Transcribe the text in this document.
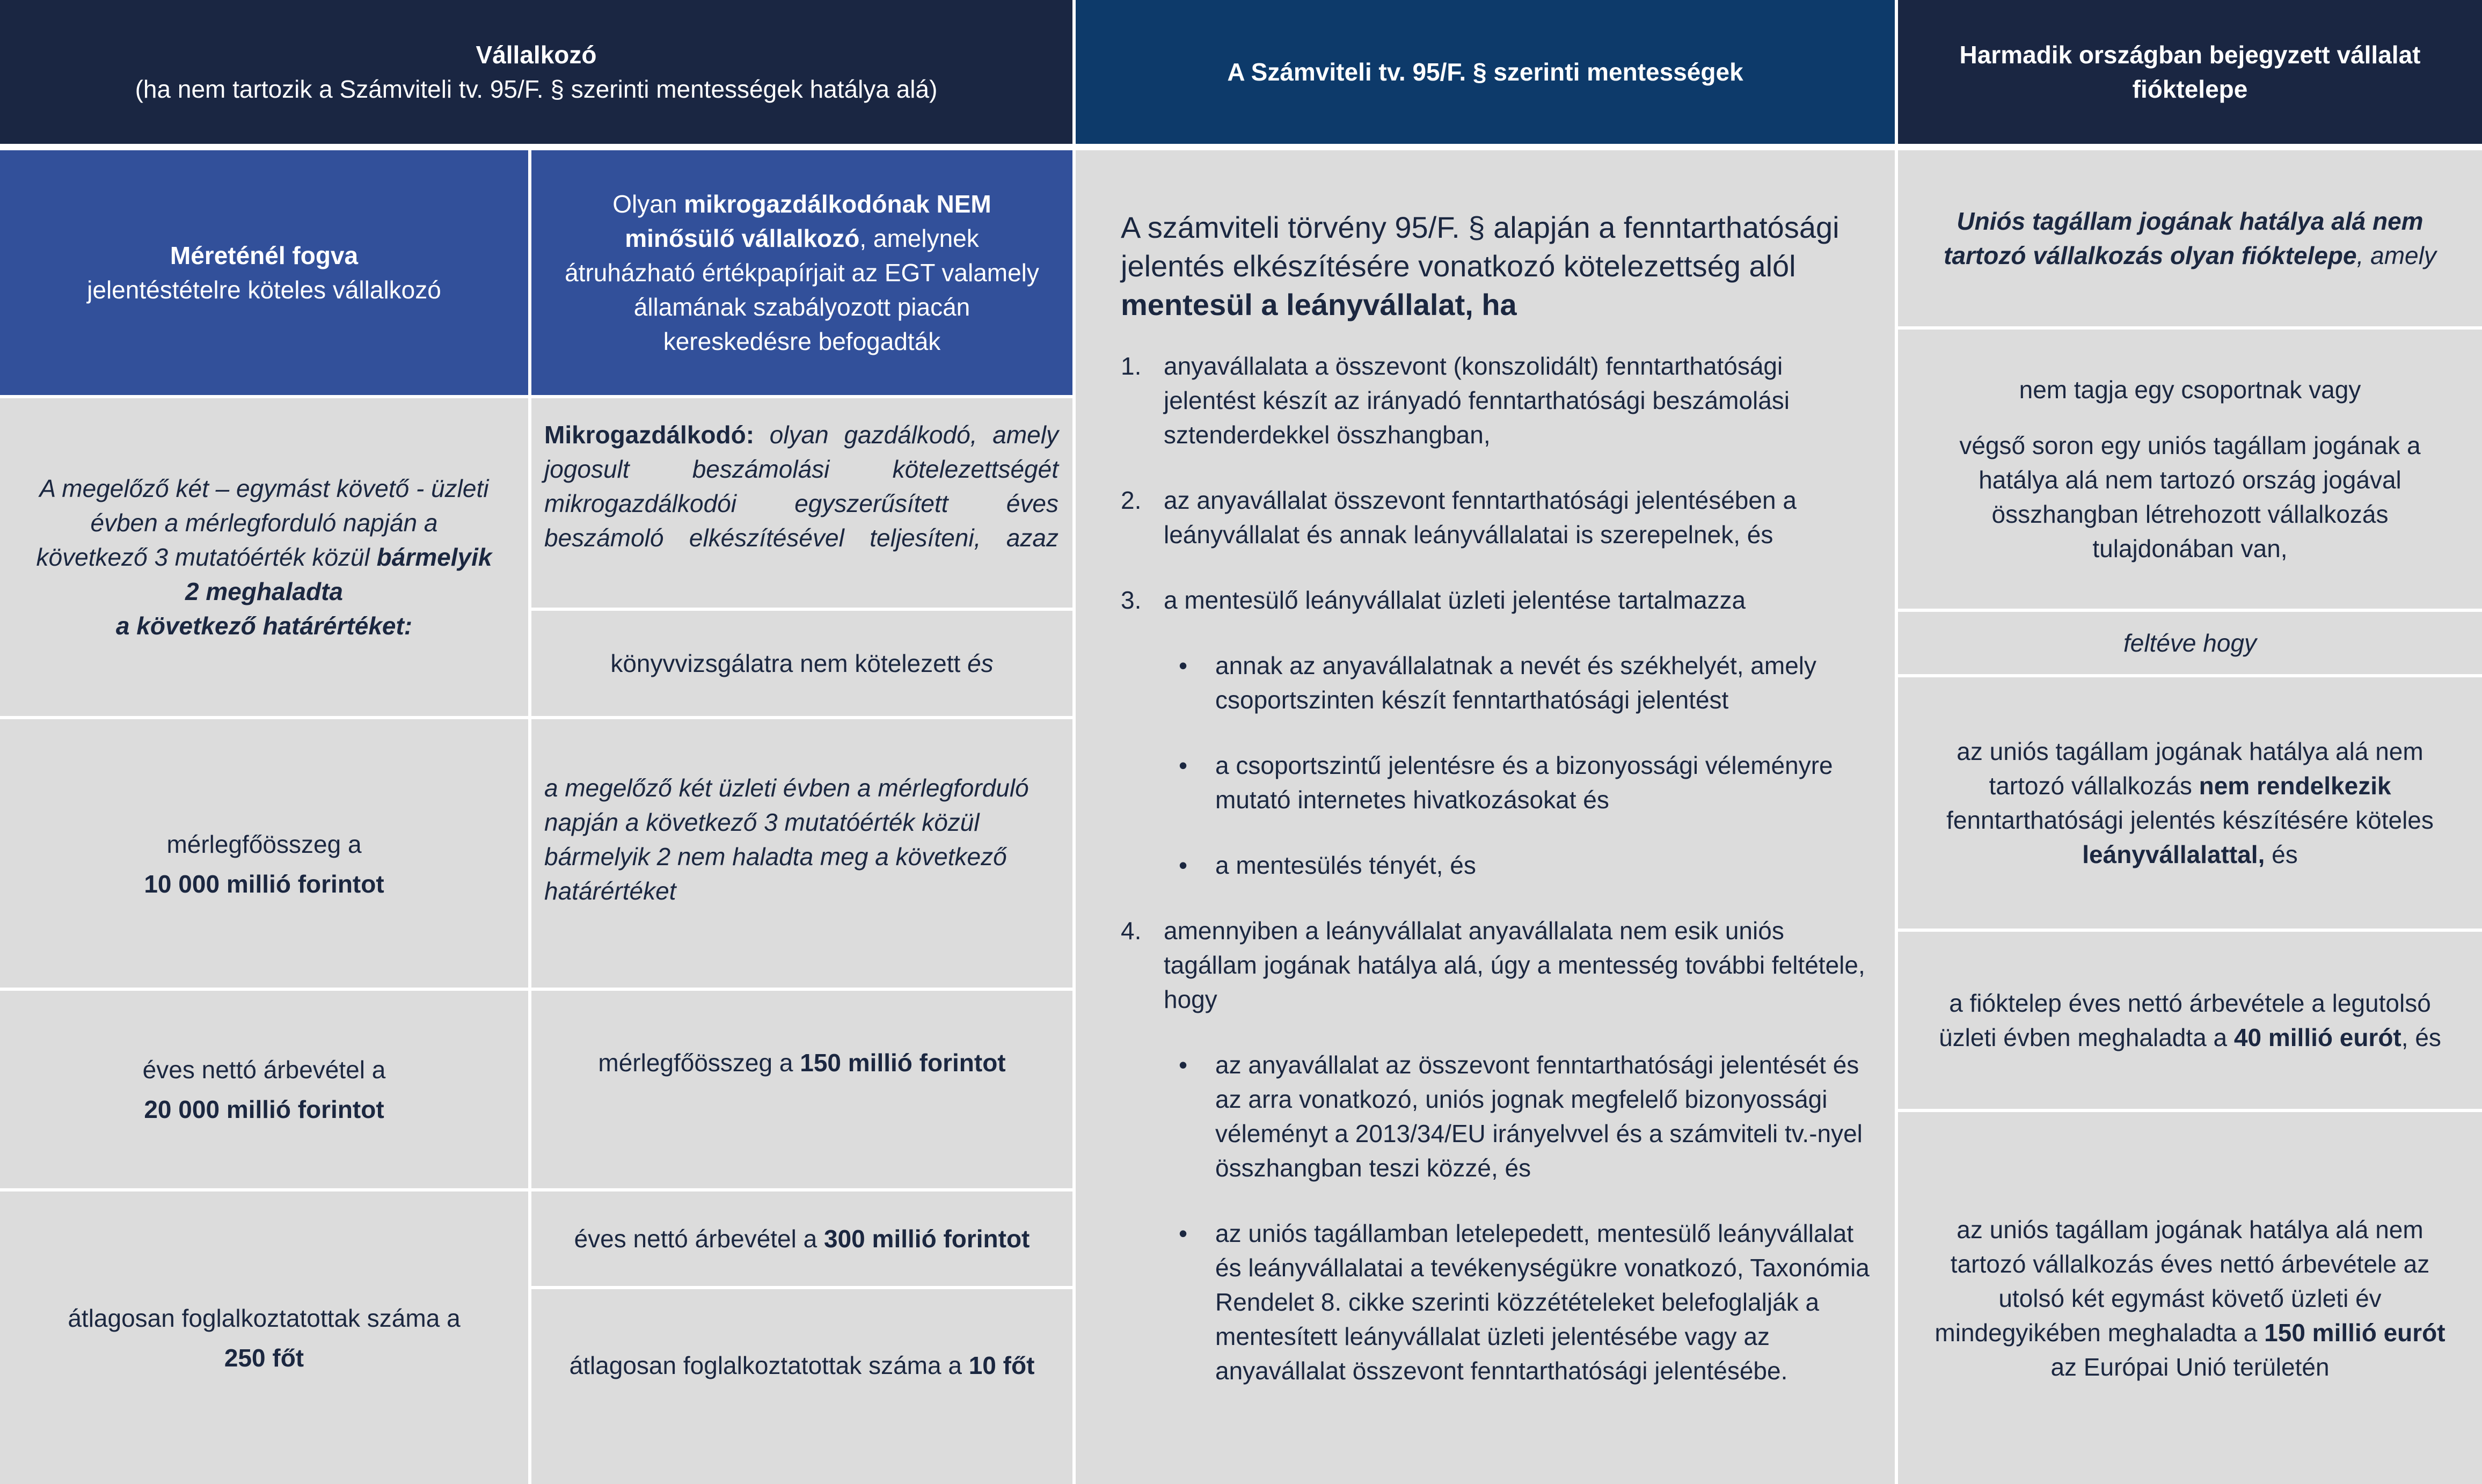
Vállalkozó
(ha nem tartozik a Számviteli tv. 95/F. § szerinti mentességek hatálya alá)
A Számviteli tv. 95/F. § szerinti mentességek
Harmadik országban bejegyzett vállalat fióktelepe
Méreténél fogva
jelentéstételre köteles vállalkozó
A megelőző két – egymást követő - üzleti évben a mérlegforduló napján a következő 3 mutatóérték közül bármelyik 2 meghaladta
a következő határértéket:
mérlegfőösszeg a
10 000 millió forintot
éves nettó árbevétel a
20 000 millió forintot
átlagosan foglalkoztatottak száma a
250 főt
Olyan mikrogazdálkodónak NEM minősülő vállalkozó, amelynek átruházható értékpapírjait az EGT valamely államának szabályozott piacán kereskedésre befogadták
Mikrogazdálkodó: olyan gazdálkodó, amely jogosult beszámolási kötelezettségét mikrogazdálkodói egyszerűsített éves beszámoló elkészítésével teljesíteni, azaz
könyvvizsgálatra nem kötelezett és
a megelőző két üzleti évben a mérlegforduló napján a következő 3 mutatóérték közül bármelyik 2 nem haladta meg a következő határértéket
mérlegfőösszeg a 150 millió forintot
éves nettó árbevétel a 300 millió forintot
átlagosan foglalkoztatottak száma a 10 főt
A számviteli törvény 95/F. § alapján a fenntarthatósági jelentés elkészítésére vonatkozó kötelezettség alól mentesül a leányvállalat, ha
1. anyavállalata a összevont (konszolidált) fenntarthatósági jelentést készít az irányadó fenntarthatósági beszámolási sztenderdekkel összhangban,
2. az anyavállalat összevont fenntarthatósági jelentésében a leányvállalat és annak leányvállalatai is szerepelnek, és
3. a mentesülő leányvállalat üzleti jelentése tartalmazza
• annak az anyavállalatnak a nevét és székhelyét, amely csoportszinten készít fenntarthatósági jelentést
• a csoportszintű jelentésre és a bizonyossági véleményre mutató internetes hivatkozásokat és
• a mentesülés tényét, és
4. amennyiben a leányvállalat anyavállalata nem esik uniós tagállam jogának hatálya alá, úgy a mentesség további feltétele, hogy
• az anyavállalat az összevont fenntarthatósági jelentését és az arra vonatkozó, uniós jognak megfelelő bizonyossági véleményt a 2013/34/EU irányelvvel és a számviteli tv.-nyel összhangban teszi közzé, és
• az uniós tagállamban letelepedett, mentesülő leányvállalat és leányvállalatai a tevékenységükre vonatkozó, Taxonómia Rendelet 8. cikke szerinti közzétételeket belefoglalják a mentesített leányvállalat üzleti jelentésébe vagy az anyavállalat összevont fenntarthatósági jelentésébe.
Uniós tagállam jogának hatálya alá nem tartozó vállalkozás olyan fióktelepe, amely
nem tagja egy csoportnak vagy
végső soron egy uniós tagállam jogának a hatálya alá nem tartozó ország jogával összhangban létrehozott vállalkozás tulajdonában van,
feltéve hogy
az uniós tagállam jogának hatálya alá nem tartozó vállalkozás nem rendelkezik fenntarthatósági jelentés készítésére köteles leányvállalattal, és
a fióktelep éves nettó árbevétele a legutolsó üzleti évben meghaladta a 40 millió eurót, és
az uniós tagállam jogának hatálya alá nem tartozó vállalkozás éves nettó árbevétele az utolsó két egymást követő üzleti év mindegyikében meghaladta a 150 millió eurót az Európai Unió területén
